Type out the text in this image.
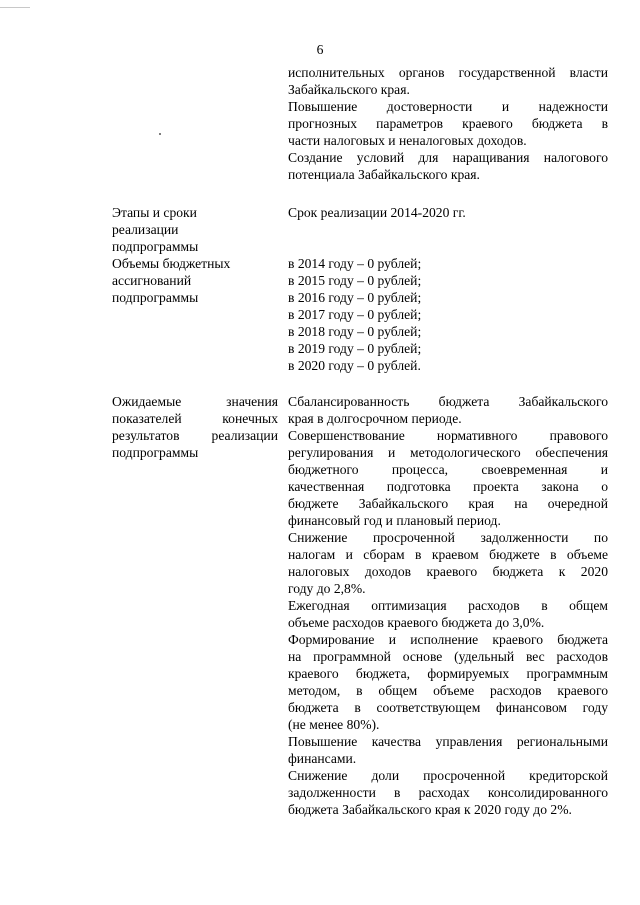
6
исполнительных органов государственной власти
Забайкальского края.
Повышение достоверности и надежности
прогнозных параметров краевого бюджета в
части налоговых и неналоговых доходов.
Создание условий для наращивания налогового
потенциала Забайкальского края.
Этапы и сроки
реализации
подпрограммы
Срок реализации 2014-2020 гг.
Объемы бюджетных
ассигнований
подпрограммы
в 2014 году – 0 рублей;
в 2015 году – 0 рублей;
в 2016 году – 0 рублей;
в 2017 году – 0 рублей;
в 2018 году – 0 рублей;
в 2019 году – 0 рублей;
в 2020 году – 0 рублей.
Ожидаемые значения
показателей конечных
результатов реализации
подпрограммы
Сбалансированность бюджета Забайкальского
края в долгосрочном периоде.
Совершенствование нормативного правового
регулирования и методологического обеспечения
бюджетного процесса, своевременная и
качественная подготовка проекта закона о
бюджете Забайкальского края на очередной
финансовый год и плановый период.
Снижение просроченной задолженности по
налогам и сборам в краевом бюджете в объеме
налоговых доходов краевого бюджета к 2020
году до 2,8%.
Ежегодная оптимизация расходов в общем
объеме расходов краевого бюджета до 3,0%.
Формирование и исполнение краевого бюджета
на программной основе (удельный вес расходов
краевого бюджета, формируемых программным
методом, в общем объеме расходов краевого
бюджета в соответствующем финансовом году
(не менее 80%).
Повышение качества управления региональными
финансами.
Снижение доли просроченной кредиторской
задолженности в расходах консолидированного
бюджета Забайкальского края к 2020 году до 2%.
